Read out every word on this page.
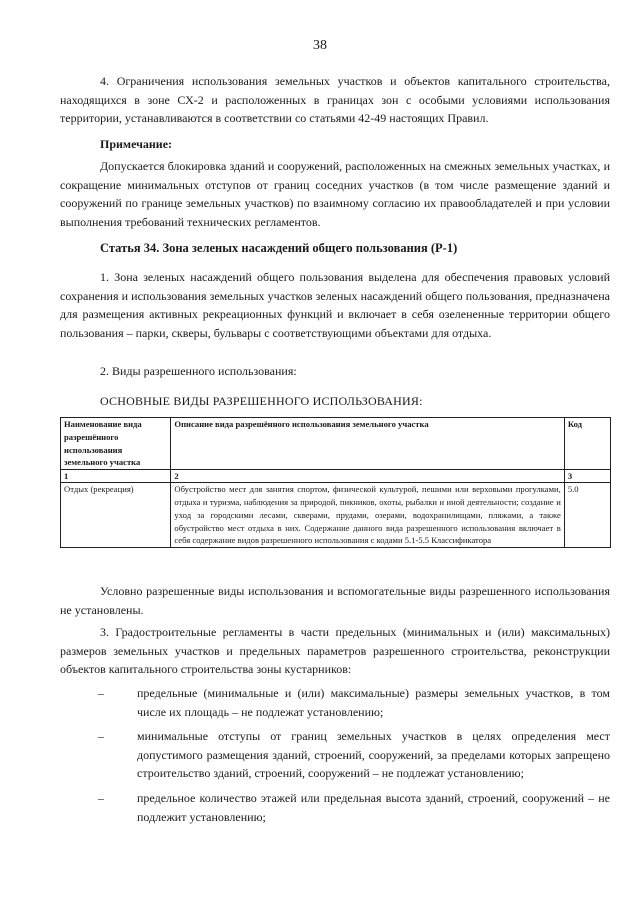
38
4. Ограничения использования земельных участков и объектов капитального строительства, находящихся в зоне СХ-2 и расположенных в границах зон с особыми условиями использования территории, устанавливаются в соответствии со статьями 42-49 настоящих Правил.
Примечание:
Допускается блокировка зданий и сооружений, расположенных на смежных земельных участках, и сокращение минимальных отступов от границ соседних участков (в том числе размещение зданий и сооружений по границе земельных участков) по взаимному согласию их правообладателей и при условии выполнения требований технических регламентов.
Статья 34. Зона зеленых насаждений общего пользования (Р-1)
1. Зона зеленых насаждений общего пользования выделена для обеспечения правовых условий сохранения и использования земельных участков зеленых насаждений общего пользования, предназначена для размещения активных рекреационных функций и включает в себя озелененные территории общего пользования – парки, скверы, бульвары с соответствующими объектами для отдыха.
2. Виды разрешенного использования:
ОСНОВНЫЕ ВИДЫ РАЗРЕШЕННОГО ИСПОЛЬЗОВАНИЯ:
Наименование вида разрешённого использования земельного участка	Описание вида разрешённого использования земельного участка	Код
1	2	3
Отдых (рекреация)	Обустройство мест для занятия спортом, физической культурой, пешими или верховыми прогулками, отдыха и туризма, наблюдения за природой, пикников, охоты, рыбалки и иной деятельности; создание и уход за городскими лесами, скверами, прудами, озерами, водохранилищами, пляжами, а также обустройство мест отдыха в них. Содержание данного вида разрешенного использования включает в себя содержание видов разрешенного использования с кодами 5.1-5.5 Классификатора	5.0
Условно разрешенные виды использования и вспомогательные виды разрешенного использования не установлены.
3. Градостроительные регламенты в части предельных (минимальных и (или) максимальных) размеров земельных участков и предельных параметров разрешенного строительства, реконструкции объектов капитального строительства зоны кустарников:
–	предельные (минимальные и (или) максимальные) размеры земельных участков, в том числе их площадь – не подлежат установлению;
–	минимальные отступы от границ земельных участков в целях определения мест допустимого размещения зданий, строений, сооружений, за пределами которых запрещено строительство зданий, строений, сооружений – не подлежат установлению;
–	предельное количество этажей или предельная высота зданий, строений, сооружений – не подлежит установлению;
